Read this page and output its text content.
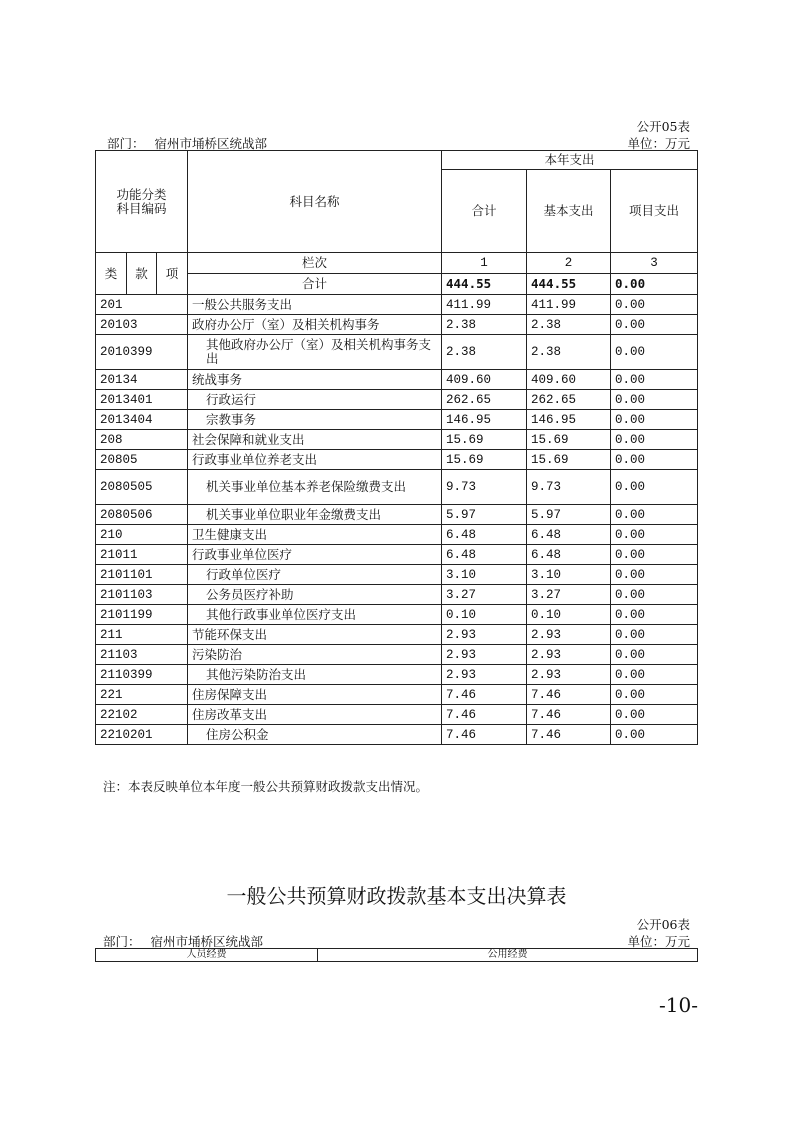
公开05表
部门： 宿州市埇桥区统战部	单位：万元
功能分类
科目编码			科目名称	本年支出		
				合计	基本支出	项目支出

类	款	项	栏次	1	2	3
			合计	444.55	444.55	0.00
201			一般公共服务支出	411.99	411.99	0.00
20103			政府办公厅（室）及相关机构事务	2.38	2.38	0.00
2010399			其他政府办公厅（室）及相关机构事务支出	2.38	2.38	0.00
20134			统战事务	409.60	409.60	0.00
2013401			行政运行	262.65	262.65	0.00
2013404			宗教事务	146.95	146.95	0.00
208			社会保障和就业支出	15.69	15.69	0.00
20805			行政事业单位养老支出	15.69	15.69	0.00
2080505			机关事业单位基本养老保险缴费支出	9.73	9.73	0.00
2080506			机关事业单位职业年金缴费支出	5.97	5.97	0.00
210			卫生健康支出	6.48	6.48	0.00
21011			行政事业单位医疗	6.48	6.48	0.00
2101101			行政单位医疗	3.10	3.10	0.00
2101103			公务员医疗补助	3.27	3.27	0.00
2101199			其他行政事业单位医疗支出	0.10	0.10	0.00
211			节能环保支出	2.93	2.93	0.00
21103			污染防治	2.93	2.93	0.00
2110399			其他污染防治支出	2.93	2.93	0.00
221			住房保障支出	7.46	7.46	0.00
22102			住房改革支出	7.46	7.46	0.00
2210201			住房公积金	7.46	7.46	0.00
注：本表反映单位本年度一般公共预算财政拨款支出情况。
一般公共预算财政拨款基本支出决算表
公开06表
部门： 宿州市埇桥区统战部	单位：万元
人员经费	公用经费
-10-
